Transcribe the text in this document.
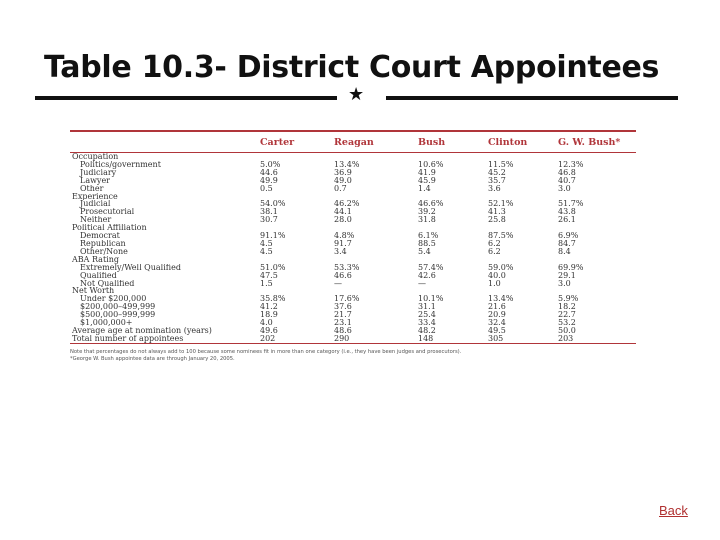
Table 10.3- District Court Appointees
★
	Carter	Reagan	Bush	Clinton	G. W. Bush*
Occupation					
Politics/government	5.0%	13.4%	10.6%	11.5%	12.3%
Judiciary	44.6	36.9	41.9	45.2	46.8
Lawyer	49.9	49.0	45.9	35.7	40.7
Other	0.5	0.7	1.4	3.6	3.0
Experience					
Judicial	54.0%	46.2%	46.6%	52.1%	51.7%
Prosecutorial	38.1	44.1	39.2	41.3	43.8
Neither	30.7	28.0	31.8	25.8	26.1
Political Affiliation					
Democrat	91.1%	4.8%	6.1%	87.5%	6.9%
Republican	4.5	91.7	88.5	6.2	84.7
Other/None	4.5	3.4	5.4	6.2	8.4
ABA Rating					
Extremely/Well Qualified	51.0%	53.3%	57.4%	59.0%	69.9%
Qualified	47.5	46.6	42.6	40.0	29.1
Not Qualified	1.5	—	—	1.0	3.0
Net Worth					
Under $200,000	35.8%	17.6%	10.1%	13.4%	5.9%
$200,000–499,999	41.2	37.6	31.1	21.6	18.2
$500,000–999,999	18.9	21.7	25.4	20.9	22.7
$1,000,000+	4.0	23.1	33.4	32.4	53.2
Average age at nomination (years)	49.6	48.6	48.2	49.5	50.0
Total number of appointees	202	290	148	305	203
Note that percentages do not always add to 100 because some nominees fit in more than one category (i.e., they have been judges and prosecutors).
*George W. Bush appointee data are through January 20, 2005.
Back
